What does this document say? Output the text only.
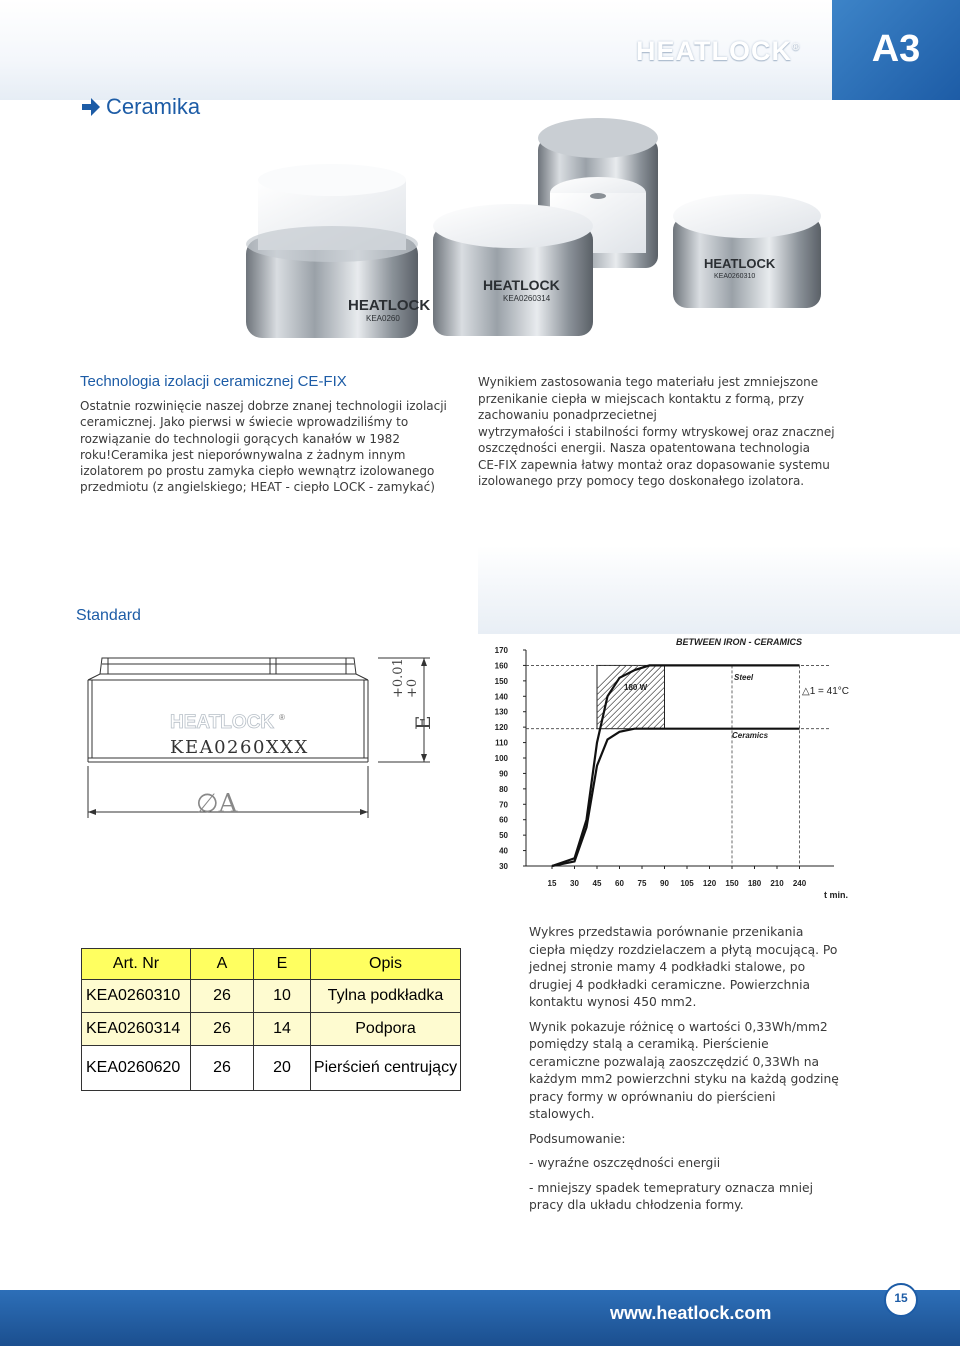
HEATLOCK®	A3
Ceramika
HEATLOCK
KEA0260310
HEATLOCK
KEA0260314
HEATLOCK
KEA0260
Technologia izolacji ceramicznej CE-FIX

Ostatnie rozwinięcie naszej dobrze znanej technologii izolacji

ceramicznej. Jako pierwsi w świecie wprowadziliśmy to

rozwiązanie do technologii gorących kanałów w 1982

roku!Ceramika jest nieporównywalna z żadnym innym

izolatorem po prostu zamyka ciepło wewnątrz izolowanego

przedmiotu (z angielskiego; HEAT - ciepło LOCK - zamykać)

Wynikiem zastosowania tego materiału jest zmniejszone

przenikanie ciepła w miejscach kontaktu z formą, przy

zachowaniu ponadprzecietnej

wytrzymałości i stabilności formy wtryskowej oraz znacznej

oszczędności energii. Nasza opatentowana technologia

CE-FIX zapewnia łatwy montaż oraz dopasowanie systemu

izolowanego przy pomocy tego doskonałego izolatora.

Standard
HEATLOCK ®
KEA0260XXX
∅A
E
+0.01 +0
30
40
50
60
70
80
90
100
110
120
130
140
150
160
170
15 30 45 60 75 90 105 120 150 180 210 240
BETWEEN IRON - CERAMICS
t min.
180 W	△1 = 41°C
Steel
Ceramics
Art. Nr	A	E	Opis
KEA0260310	26	10	Tylna podkładka
KEA0260314	26	14	Podpora
KEA0260620	26	20	Pierścień centrujący

Wykres przedstawia porównanie przenikania ciepła między rozdzielaczem a płytą mocującą. Po jednej stronie mamy 4 podkładki stalowe, po drugiej 4 podkładki ceramiczne. Powierzchnia kontaktu wynosi 450 mm2.

Wynik pokazuje różnicę o wartości 0,33Wh/mm2 pomiędzy stalą a ceramiką. Pierścienie ceramiczne pozwalają zaoszczędzić 0,33Wh na każdym mm2 powierzchni styku na każdą godzinę pracy formy w oprównaniu do pierścieni stalowych.

Podsumowanie:

- wyraźne oszczędności energii

- mniejszy spadek temepratury oznacza mniej pracy dla układu chłodzenia formy.

www.heatlock.com
15
